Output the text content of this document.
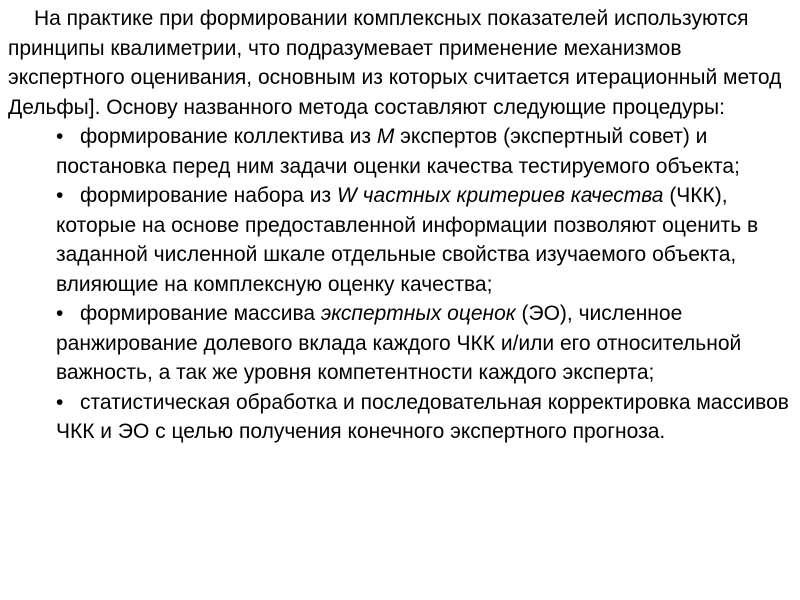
На практике при формировании комплексных показателей используются принципы квалиметрии, что подразумевает применение механизмов экспертного оценивания, основным из которых считается итерационный метод Дельфы]. Основу названного метода составляют следующие процедуры:

• формирование коллектива из M экспертов (экспертный совет) и постановка перед ним задачи оценки качества тестируемого объекта;
• формирование набора из W частных критериев качества (ЧКК), которые на основе предоставленной информации позволяют оценить в заданной численной шкале отдельные свойства изучаемого объекта, влияющие на комплексную оценку качества;
• формирование массива экспертных оценок (ЭО), численное ранжирование долевого вклада каждого ЧКК и/или его относительной важность, а так же уровня компетентности каждого эксперта;
• статистическая обработка и последовательная корректировка массивов ЧКК и ЭО с целью получения конечного экспертного прогноза.
